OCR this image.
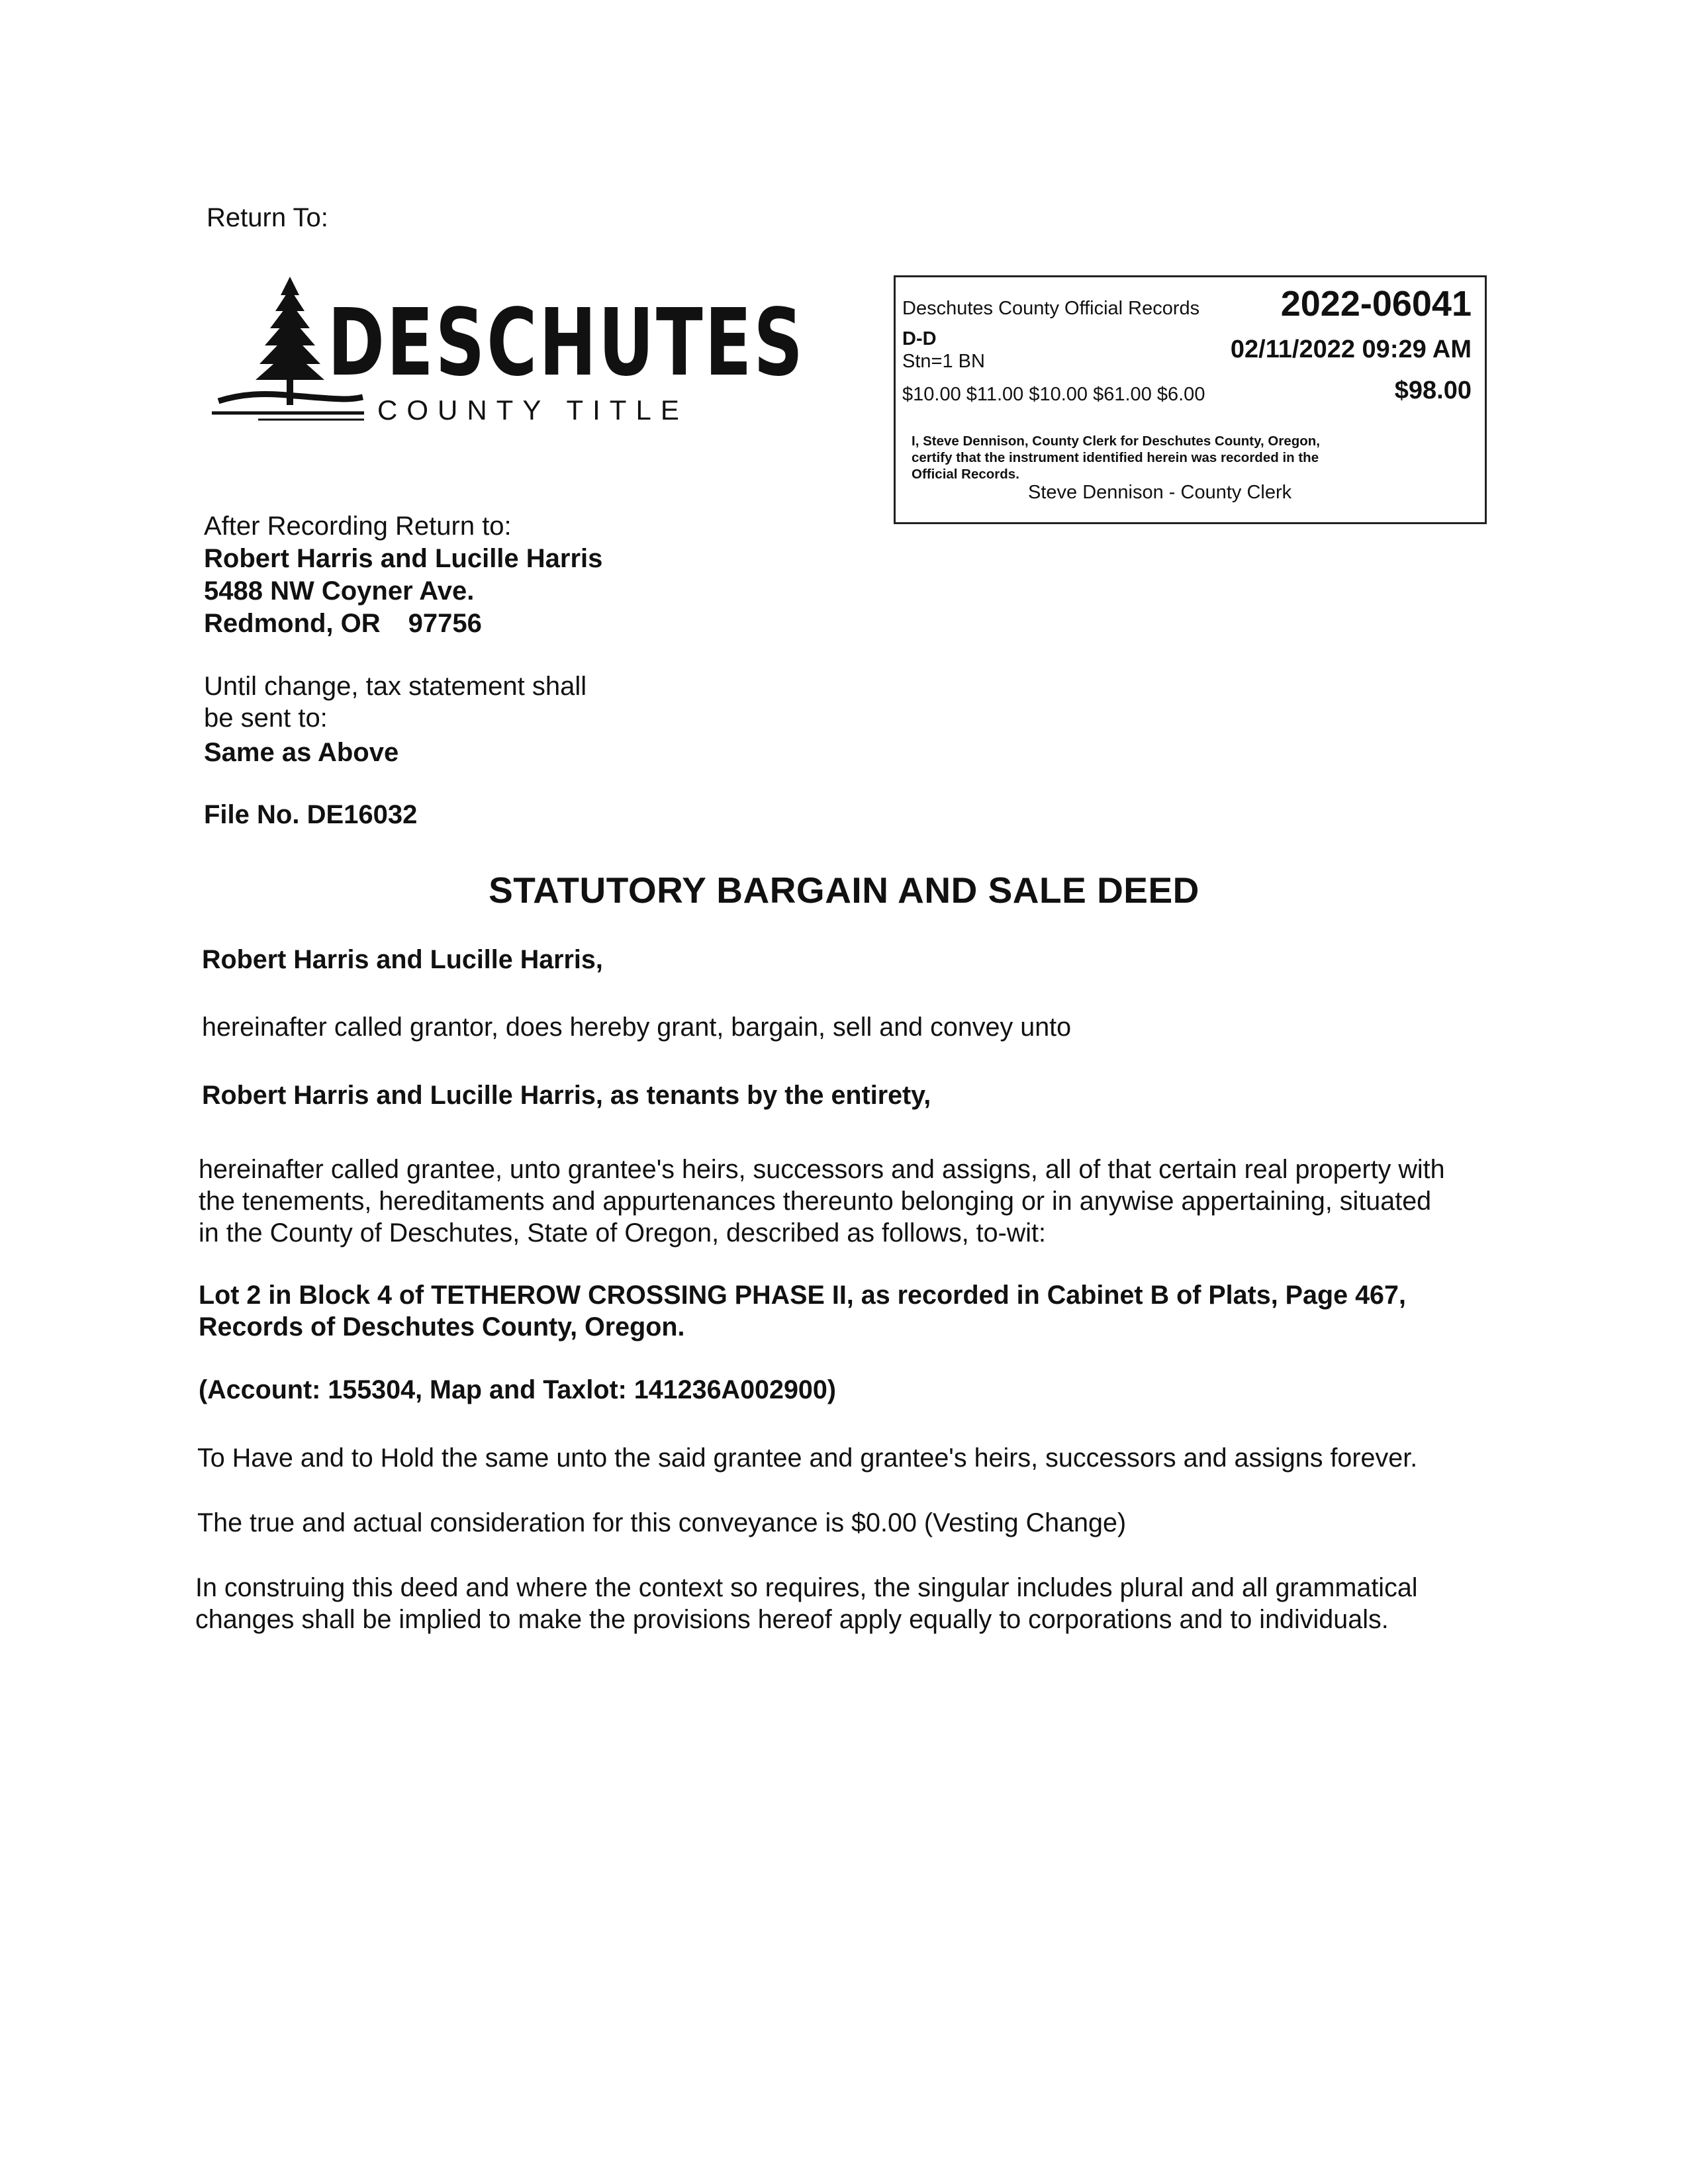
Return To:
DESCHUTES
COUNTY TITLE
Deschutes County Official Records 2022-06041
D-D
Stn=1 BN	02/11/2022 09:29 AM
$10.00 $11.00 $10.00 $61.00 $6.00	$98.00
I, Steve Dennison, County Clerk for Deschutes County, Oregon,
certify that the instrument identified herein was recorded in the
Official Records.
Steve Dennison - County Clerk
After Recording Return to:
Robert Harris and Lucille Harris
5488 NW Coyner Ave.
Redmond, OR 97756
Until change, tax statement shall
be sent to:
Same as Above
File No. DE16032
STATUTORY BARGAIN AND SALE DEED
Robert Harris and Lucille Harris,
hereinafter called grantor, does hereby grant, bargain, sell and convey unto
Robert Harris and Lucille Harris, as tenants by the entirety,
hereinafter called grantee, unto grantee's heirs, successors and assigns, all of that certain real property with
the tenements, hereditaments and appurtenances thereunto belonging or in anywise appertaining, situated
in the County of Deschutes, State of Oregon, described as follows, to-wit:
Lot 2 in Block 4 of TETHEROW CROSSING PHASE II, as recorded in Cabinet B of Plats, Page 467,
Records of Deschutes County, Oregon.
(Account: 155304, Map and Taxlot: 141236A002900)
To Have and to Hold the same unto the said grantee and grantee's heirs, successors and assigns forever.
The true and actual consideration for this conveyance is $0.00 (Vesting Change)
In construing this deed and where the context so requires, the singular includes plural and all grammatical
changes shall be implied to make the provisions hereof apply equally to corporations and to individuals.
